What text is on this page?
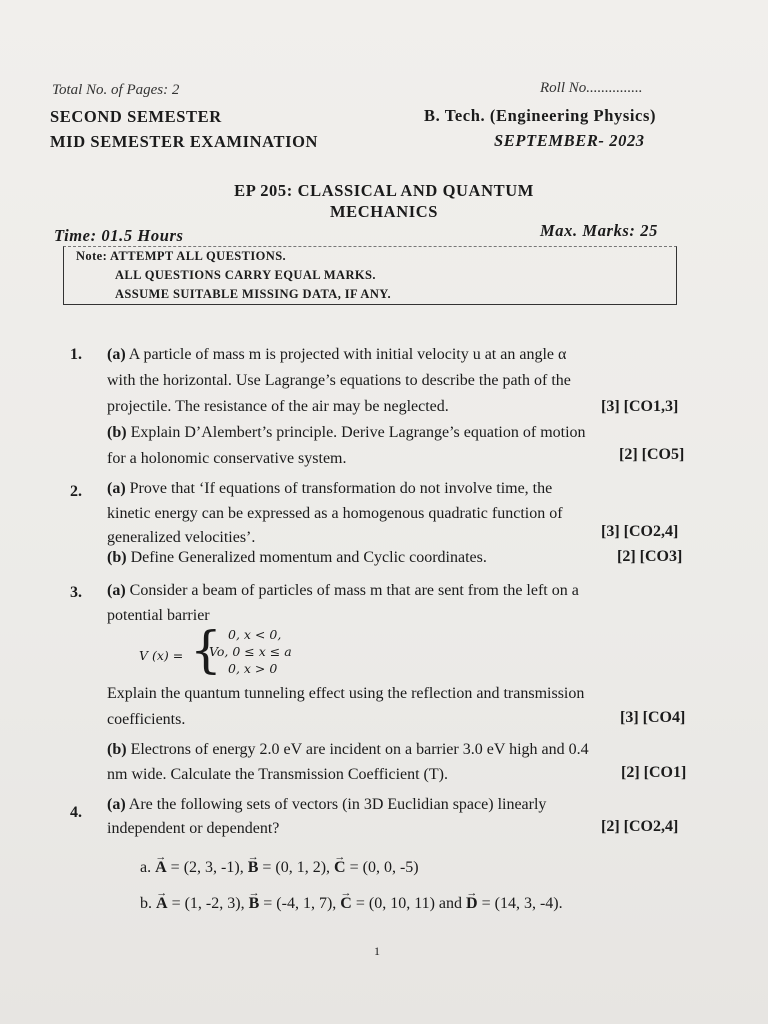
Total No. of Pages: 2	Roll No...............
SECOND SEMESTER	B. Tech. (Engineering Physics)
MID SEMESTER EXAMINATION	SEPTEMBER- 2023
EP 205: CLASSICAL AND QUANTUM
MECHANICS
Time: 01.5 Hours	Max. Marks: 25
Note: ATTEMPT ALL QUESTIONS.
ALL QUESTIONS CARRY EQUAL MARKS.
ASSUME SUITABLE MISSING DATA, IF ANY.
1. (a) A particle of mass m is projected with initial velocity u at an angle α
with the horizontal. Use Lagrange’s equations to describe the path of the
projectile. The resistance of the air may be neglected.	[3] [CO1,3]
(b) Explain D’Alembert’s principle. Derive Lagrange’s equation of motion
for a holonomic conservative system.	[2] [CO5]
2. (a) Prove that ‘If equations of transformation do not involve time, the
kinetic energy can be expressed as a homogenous quadratic function of
generalized velocities’.	[3] [CO2,4]
(b) Define Generalized momentum and Cyclic coordinates.	[2] [CO3]
3. (a) Consider a beam of particles of mass m that are sent from the left on a
potential barrier
V (x) = { 0, x < 0,
Vo, 0 ≤ x ≤ a
0, x > 0
Explain the quantum tunneling effect using the reflection and transmission
coefficients.	[3] [CO4]
(b) Electrons of energy 2.0 eV are incident on a barrier 3.0 eV high and 0.4
nm wide. Calculate the Transmission Coefficient (T).	[2] [CO1]
4. (a) Are the following sets of vectors (in 3D Euclidian space) linearly
independent or dependent?	[2] [CO2,4]
a. → A = (2, 3, -1), → B = (0, 1, 2), → C = (0, 0, -5)
b. → A = (1, -2, 3), → B = (-4, 1, 7), → C = (0, 10, 11) and → D = (14, 3, -4).
1
